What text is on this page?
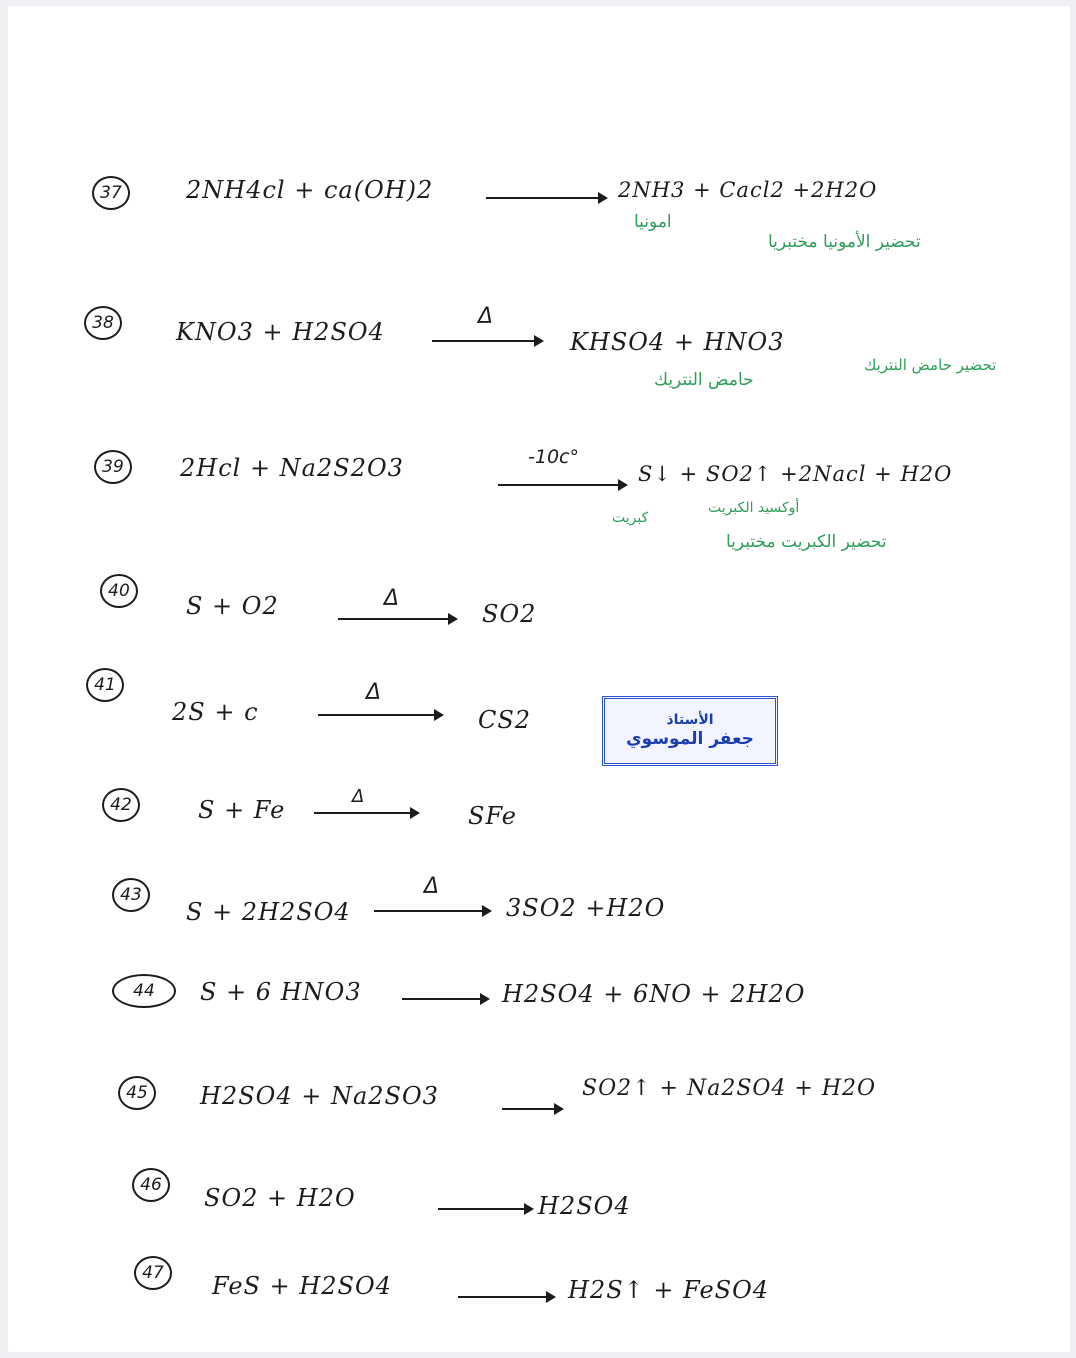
37	2NH4cl + ca(OH)2	2NH3 + Cacl2 +2H2O
امونيا
تحضير الأمونيا مختبريا
38	KNO3 + H2SO4
Δ
KHSO4 + HNO3
حامض النتريك
تحضير حامض النتريك
39	2Hcl + Na2S2O3	-10c°
S↓ + SO2↑ +2Nacl + H2O
أوكسيد الكبريت
كبريت
تحضير الكبريت مختبريا
40
S + O2	Δ
SO2
41
2S + c
Δ
CS2	الأستاذ
جعفر الموسوي
42	S + Fe	Δ
SFe
43
S + 2H2SO4
Δ
3SO2 +H2O
44	S + 6 HNO3	H2SO4 + 6NO + 2H2O
45	H2SO4 + Na2SO3	SO2↑ + Na2SO4 + H2O
46	SO2 + H2O	H2SO4
47	FeS + H2SO4	H2S↑ + FeSO4
